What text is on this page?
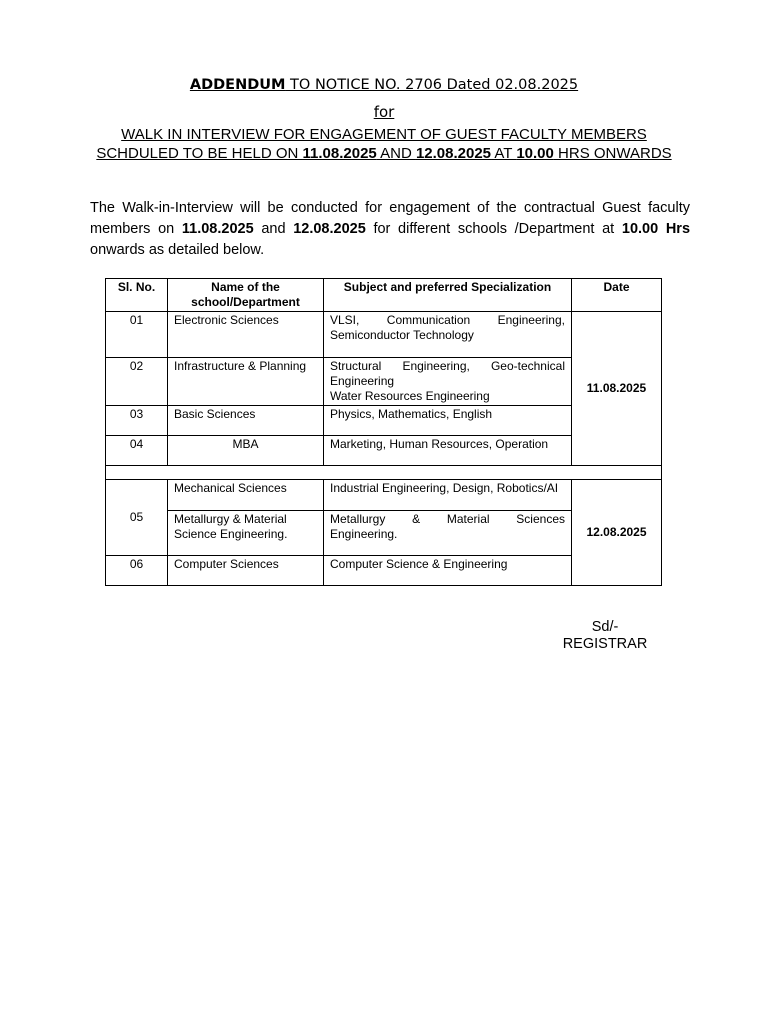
ADDENDUM TO NOTICE NO. 2706 Dated 02.08.2025
for
WALK IN INTERVIEW FOR ENGAGEMENT OF GUEST FACULTY MEMBERS
SCHDULED TO BE HELD ON 11.08.2025 AND 12.08.2025 AT 10.00 HRS ONWARDS
The Walk-in-Interview will be conducted for engagement of the contractual Guest faculty members on 11.08.2025 and 12.08.2025 for different schools /Department at 10.00 Hrs onwards as detailed below.
Sl. No.	Name of the school/Department	Subject and preferred Specialization	Date
01	Electronic Sciences	VLSI, Communication Engineering, Semiconductor Technology	11.08.2025
02	Infrastructure & Planning	Structural Engineering, Geo-technical Engineering
Water Resources Engineering	

03	Basic Sciences	Physics, Mathematics, English	
04	MBA	Marketing, Human Resources, Operation	

05	Mechanical Sciences	Industrial Engineering, Design, Robotics/AI	12.08.2025
	Metallurgy & Material Science Engineering.	Metallurgy & Material Sciences Engineering.	
06	Computer Sciences	Computer Science & Engineering	
Sd/-
REGISTRAR
